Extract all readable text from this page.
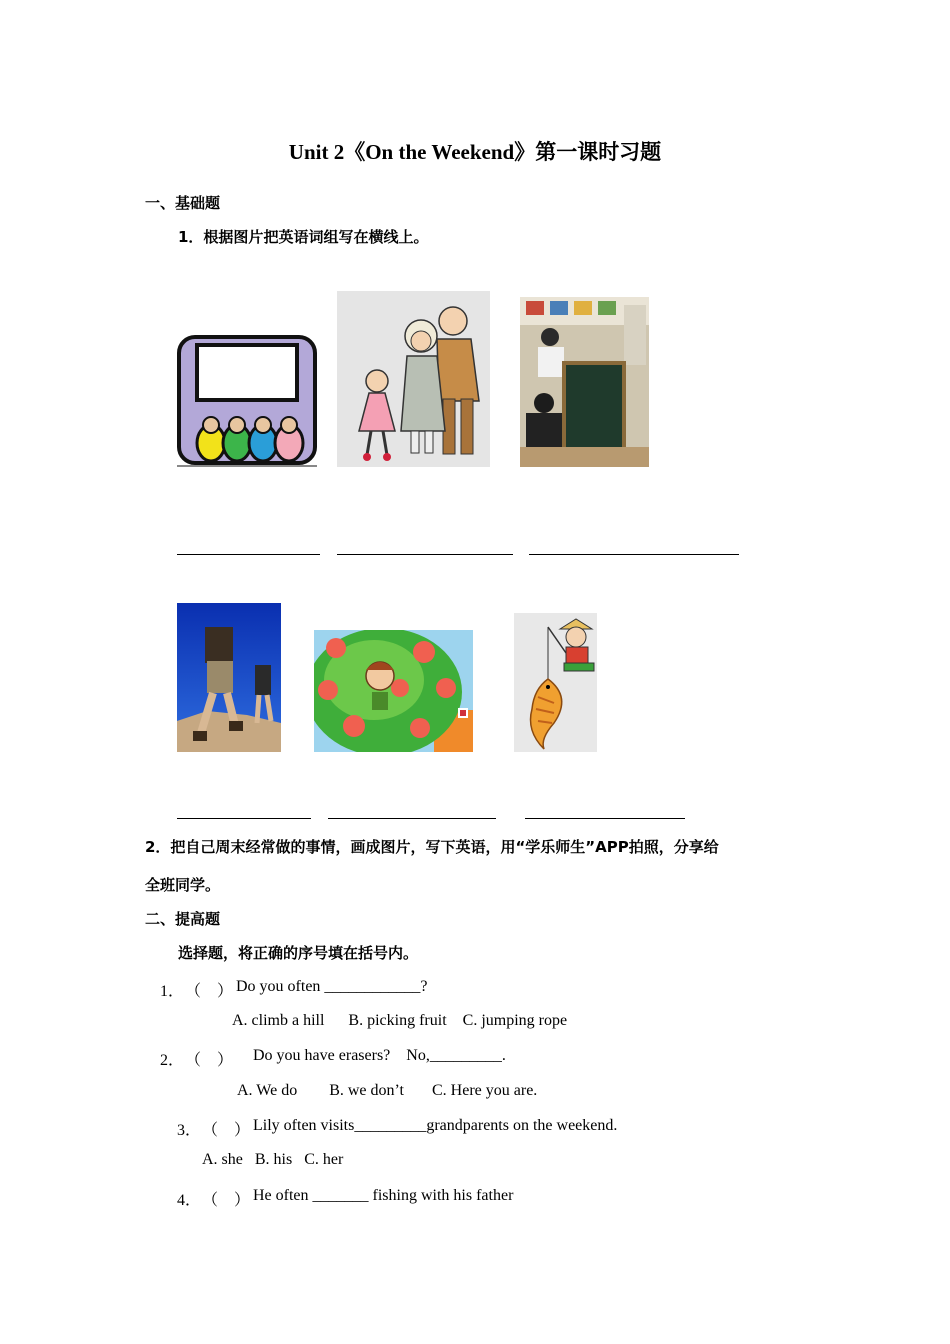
Unit 2《On the Weekend》第一课时习题
一、基础题
1．根据图片把英语词组写在横线上。
2．把自己周末经常做的事情，画成图片，写下英语，用“学乐师生”APP拍照，分享给
全班同学。
二、提高题
选择题，将正确的序号填在括号内。
1． （    ） Do you often ____________?
A. climb a hill      B. picking fruit    C. jumping rope
2． （    ） Do you have erasers?    No,_________.
A. We do        B. we don’t       C. Here you are.
3． （    ） Lily often visits_________grandparents on the weekend.
A. she   B. his   C. her
4． （    ） He often _______ fishing with his father
